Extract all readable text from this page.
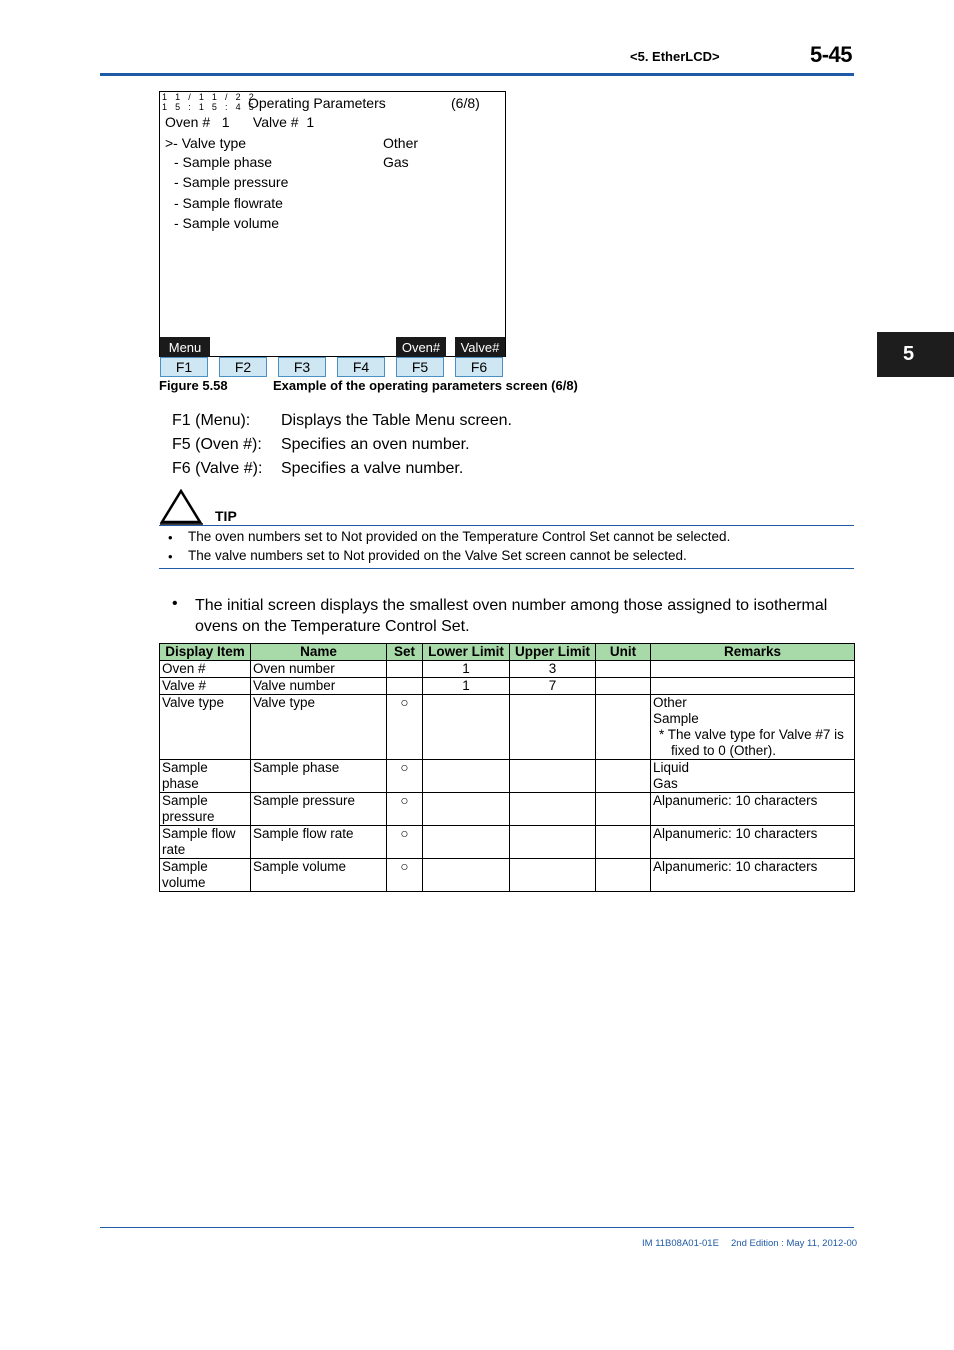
<5. EtherLCD>	5-45
5
1 1 / 1 1 / 2 2
1 5 : 1 5 : 4 5
Operating Parameters	(6/8)
Oven #   1      Valve #  1
>- Valve type	Other
- Sample phase	Gas
- Sample pressure
- Sample flowrate
- Sample volume
Menu	Oven#	Valve#
F1	F2	F3	F4	F5	F6
Figure 5.58	Example of the operating parameters screen (6/8)
F1 (Menu): Displays the Table Menu screen.
F5 (Oven #): Specifies an oven number.
F6 (Valve #): Specifies a valve number.
TIP
• The oven numbers set to Not provided on the Temperature Control Set cannot be selected.
• The valve numbers set to Not provided on the Valve Set screen cannot be selected.
• The initial screen displays the smallest oven number among those assigned to isothermal ovens on the Temperature Control Set.
Display Item	Name	Set	Lower Limit	Upper Limit	Unit	Remarks
Oven #	Oven number		1	3		
Valve #	Valve number		1	7		
Valve type	Valve type	○				Other
Sample
* The valve type for Valve #7 is
fixed to 0 (Other).

Sample phase	Sample phase	○				Liquid
Gas

Sample pressure	Sample pressure	○				Alpanumeric: 10 characters
Sample flow rate	Sample flow rate	○				Alpanumeric: 10 characters
Sample volume	Sample volume	○				Alpanumeric: 10 characters
IM 11B08A01-01E 2nd Edition : May 11, 2012-00
